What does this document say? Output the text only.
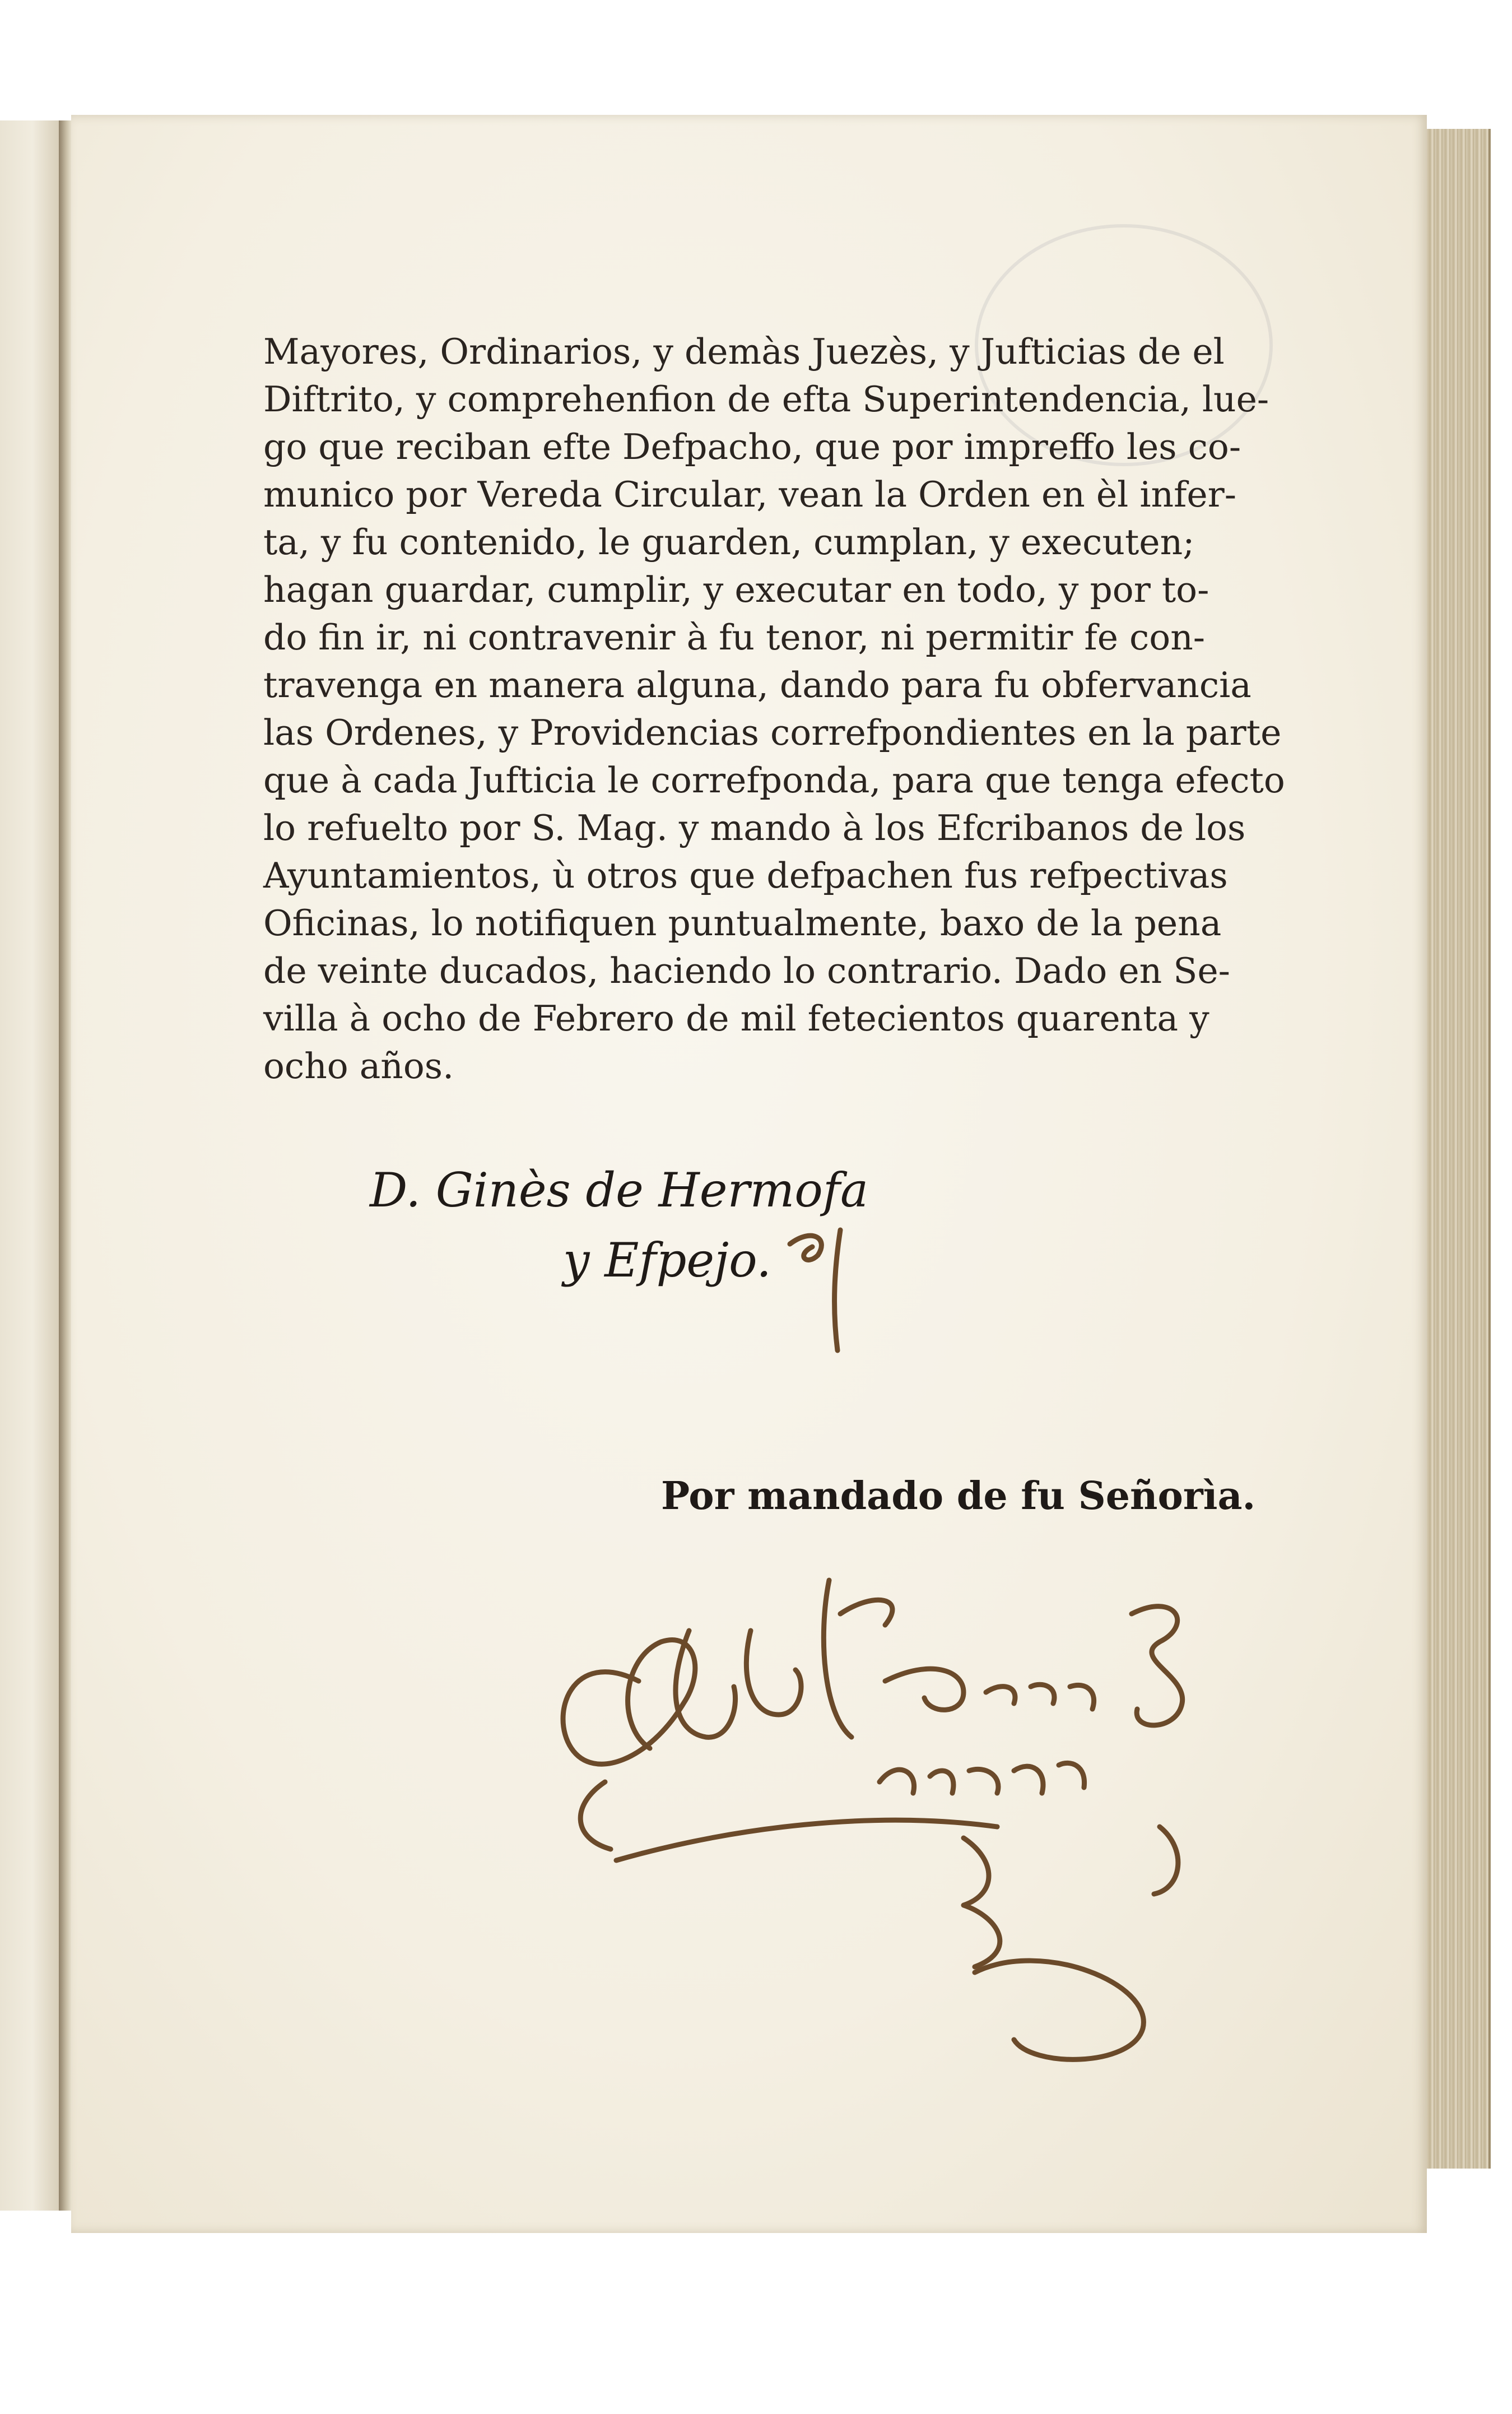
Mayores, Ordinarios, y demàs Juezès, y Jufticias de el
Diftrito, y comprehenfion de efta Superintendencia, lue-
go que reciban efte Defpacho, que por impreffo les co-
munico por Vereda Circular, vean la Orden en èl infer-
ta, y fu contenido, le guarden, cumplan, y executen;
hagan guardar, cumplir, y executar en todo, y por to-
do fin ir, ni contravenir à fu tenor, ni permitir fe con-
travenga en manera alguna, dando para fu obfervancia
las Ordenes, y Providencias correfpondientes en la parte
que à cada Jufticia le correfponda, para que tenga efecto
lo refuelto por S. Mag. y mando à los Efcribanos de los
Ayuntamientos, ù otros que defpachen fus refpectivas
Oficinas, lo notifiquen puntualmente, baxo de la pena
de veinte ducados, haciendo lo contrario. Dado en Se-
villa à ocho de Febrero de mil fetecientos quarenta y
ocho años.
D. Ginès de Hermofa
y Efpejo.
Por mandado de fu Señorìa.
